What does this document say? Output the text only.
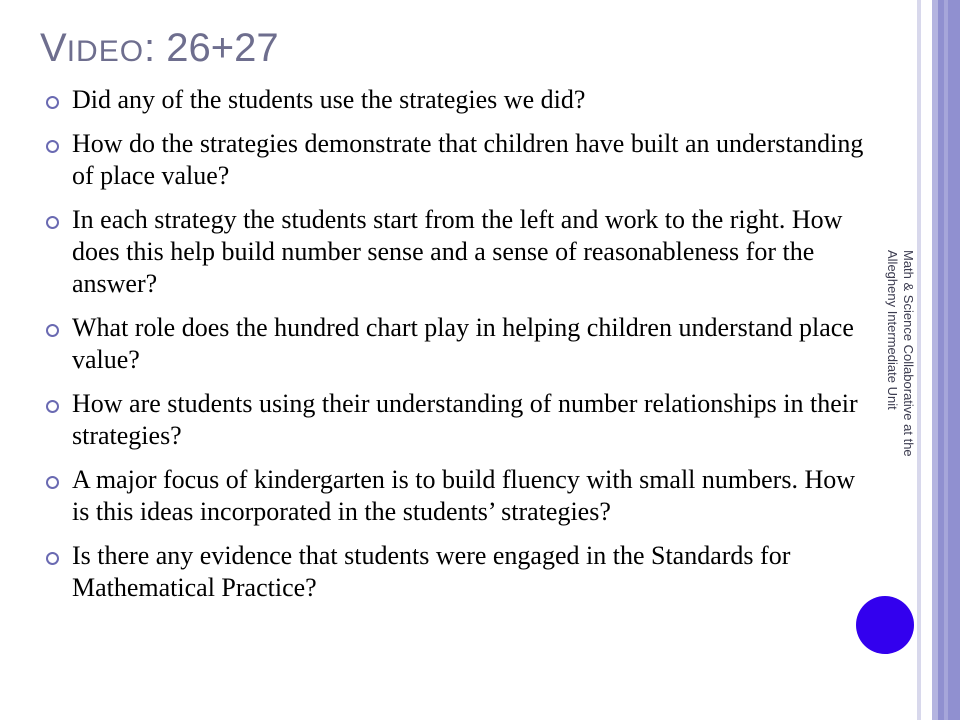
VIDEO: 26+27
Did any of the students use the strategies we did?
How do the strategies demonstrate that children have built an understanding of place value?
In each strategy the students start from the left and work to the right. How does this help build number sense and a sense of reasonableness for the answer?
What role does the hundred chart play in helping children understand place value?
How are students using their understanding of number relationships in their strategies?
A major focus of kindergarten is to build fluency with small numbers. How is this ideas incorporated in the students’ strategies?
Is there any evidence that students were engaged in the Standards for Mathematical Practice?
Math & Science Collaborative at the
Allegheny Intermediate Unit
